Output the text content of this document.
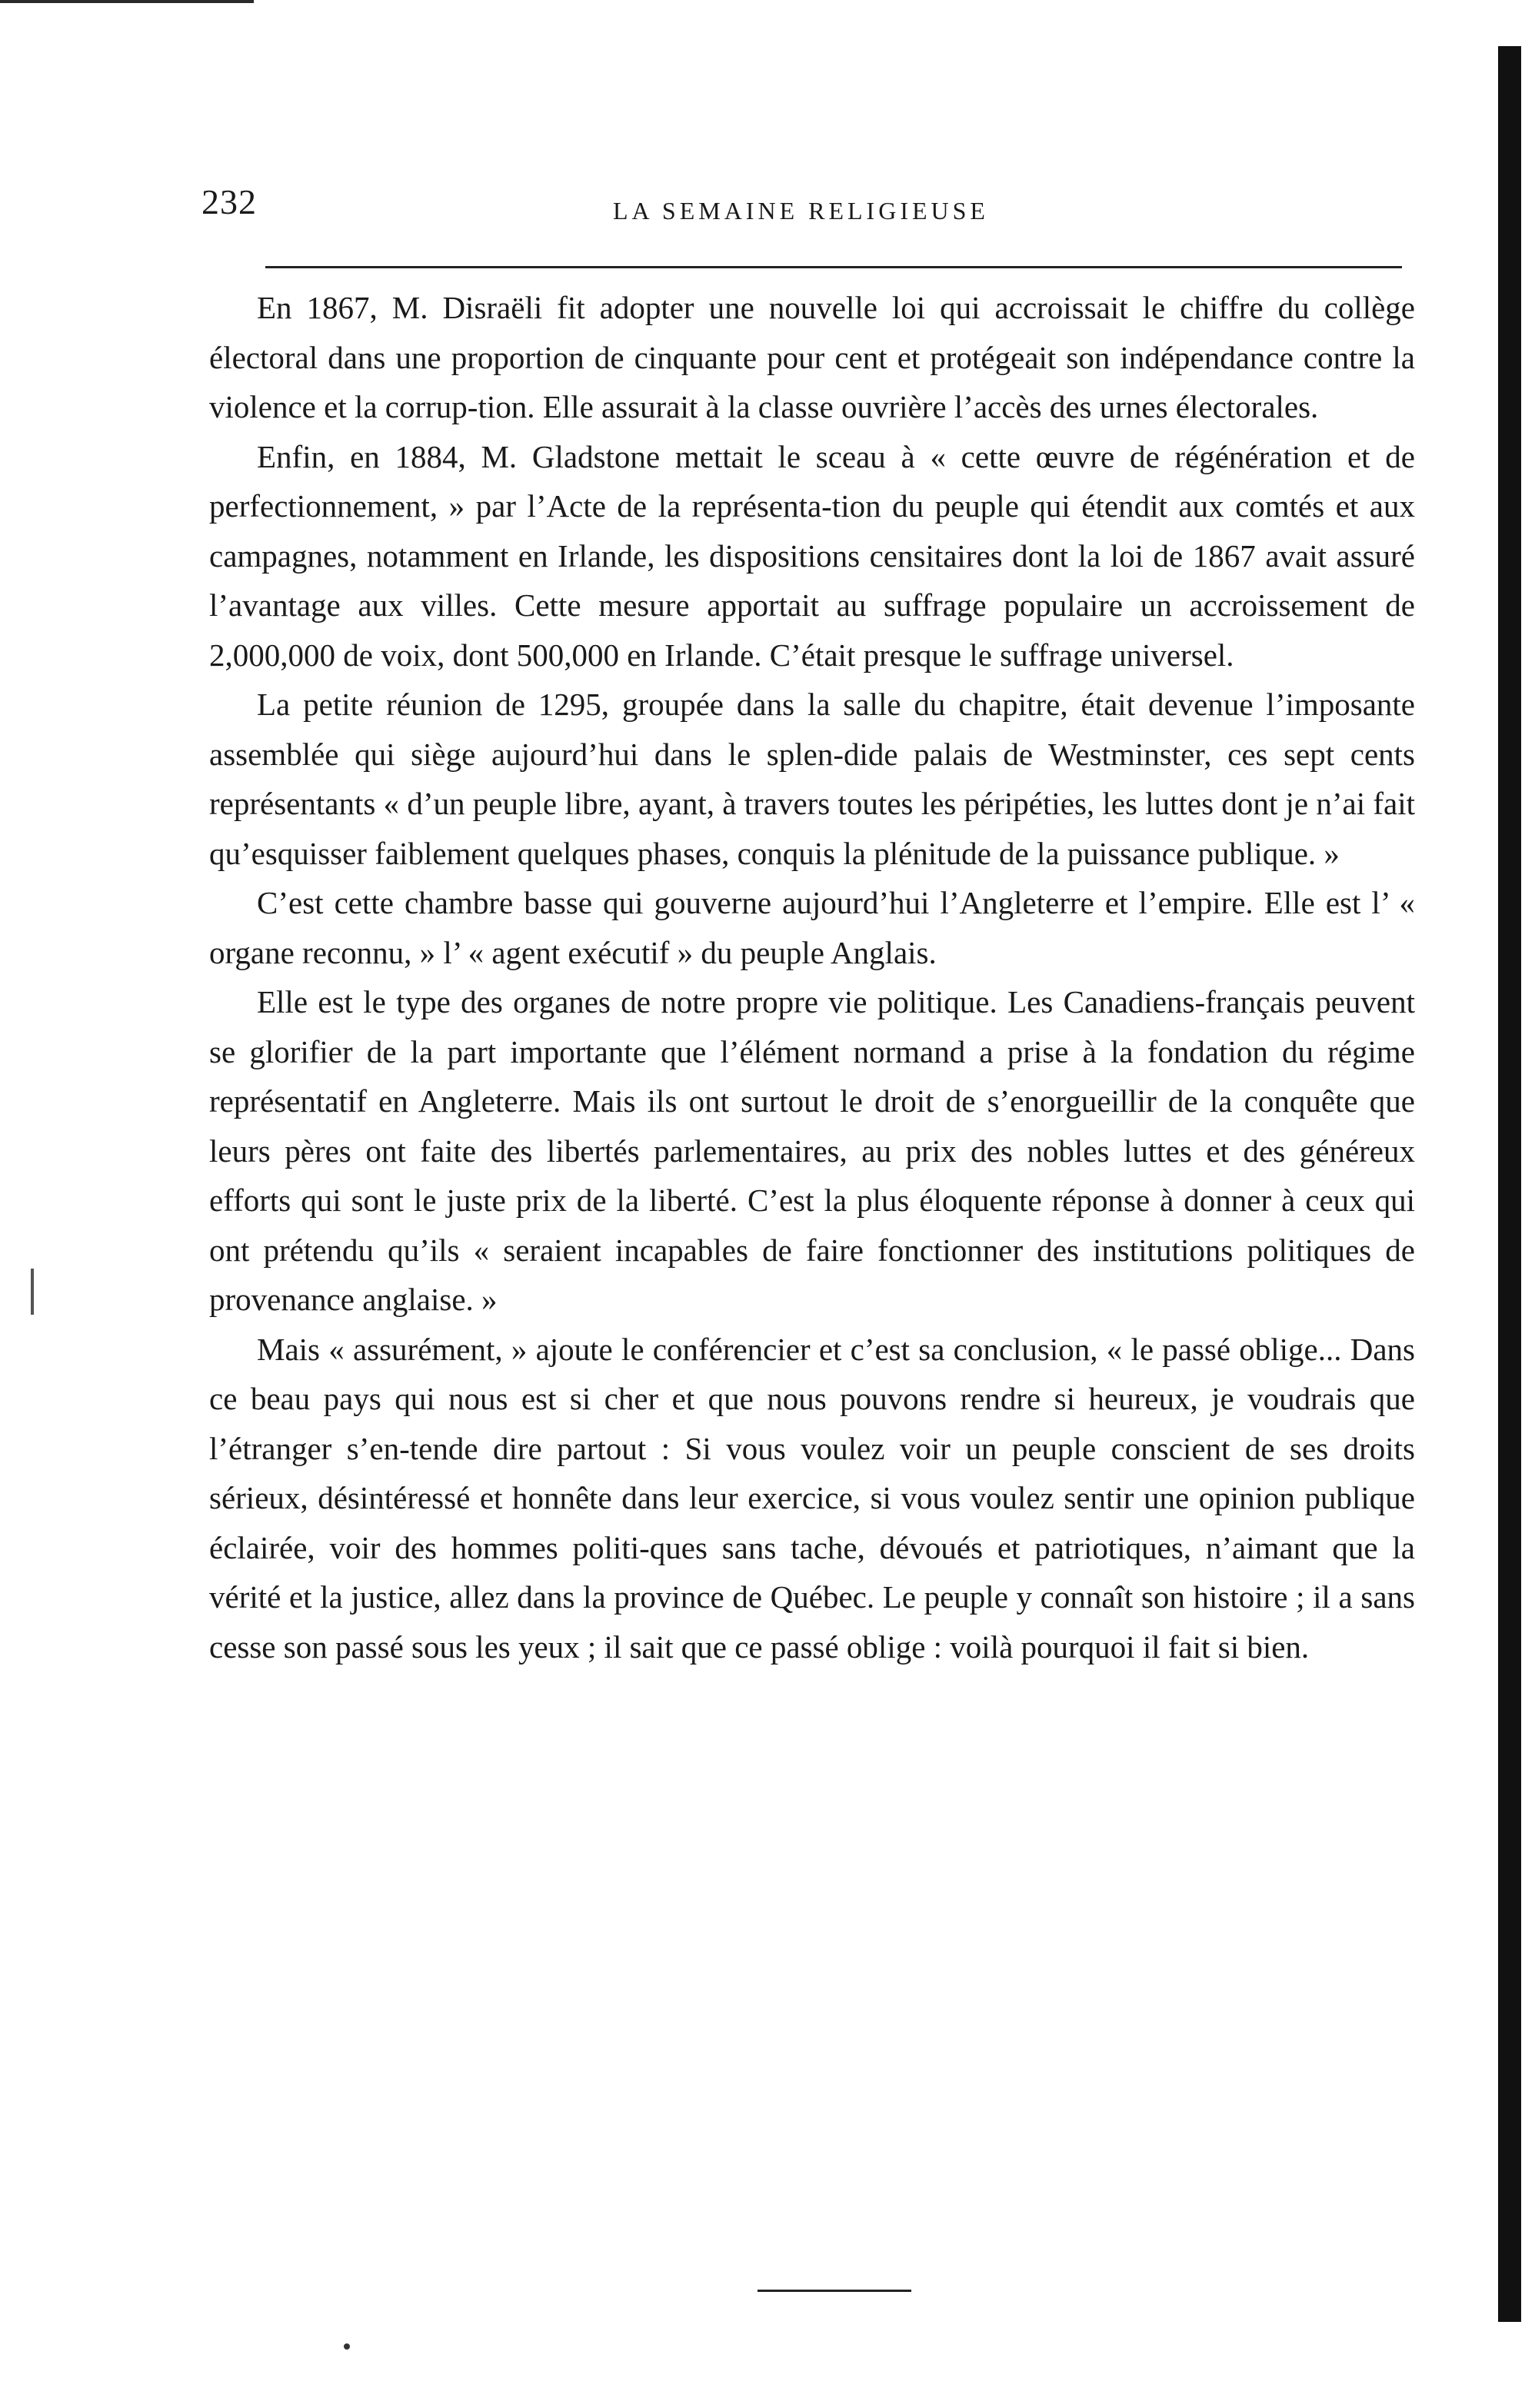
232	LA SEMAINE RELIGIEUSE

En 1867, M. Disraëli fit adopter une nouvelle loi qui accroissait le chiffre du collège électoral dans une proportion de cinquante pour cent et protégeait son indépendance contre la violence et la corrup-tion. Elle assurait à la classe ouvrière l’accès des urnes électorales.

Enfin, en 1884, M. Gladstone mettait le sceau à « cette œuvre de régénération et de perfectionnement, » par l’Acte de la représenta-tion du peuple qui étendit aux comtés et aux campagnes, notamment en Irlande, les dispositions censitaires dont la loi de 1867 avait assuré l’avantage aux villes. Cette mesure apportait au suffrage populaire un accroissement de 2,000,000 de voix, dont 500,000 en Irlande. C’était presque le suffrage universel.

La petite réunion de 1295, groupée dans la salle du chapitre, était devenue l’imposante assemblée qui siège aujourd’hui dans le splen-dide palais de Westminster, ces sept cents représentants « d’un peuple libre, ayant, à travers toutes les péripéties, les luttes dont je n’ai fait qu’esquisser faiblement quelques phases, conquis la plénitude de la puissance publique. »

C’est cette chambre basse qui gouverne aujourd’hui l’Angleterre et l’empire. Elle est l’ « organe reconnu, » l’ « agent exécutif » du peuple Anglais.

Elle est le type des organes de notre propre vie politique. Les Canadiens-français peuvent se glorifier de la part importante que l’élément normand a prise à la fondation du régime représentatif en Angleterre. Mais ils ont surtout le droit de s’enorgueillir de la conquête que leurs pères ont faite des libertés parlementaires, au prix des nobles luttes et des généreux efforts qui sont le juste prix de la liberté. C’est la plus éloquente réponse à donner à ceux qui ont prétendu qu’ils « seraient incapables de faire fonctionner des institutions politiques de provenance anglaise. »

Mais « assurément, » ajoute le conférencier et c’est sa conclusion, « le passé oblige... Dans ce beau pays qui nous est si cher et que nous pouvons rendre si heureux, je voudrais que l’étranger s’en-tende dire partout : Si vous voulez voir un peuple conscient de ses droits sérieux, désintéressé et honnête dans leur exercice, si vous voulez sentir une opinion publique éclairée, voir des hommes politi-ques sans tache, dévoués et patriotiques, n’aimant que la vérité et la justice, allez dans la province de Québec. Le peuple y connaît son histoire ; il a sans cesse son passé sous les yeux ; il sait que ce passé oblige : voilà pourquoi il fait si bien.
